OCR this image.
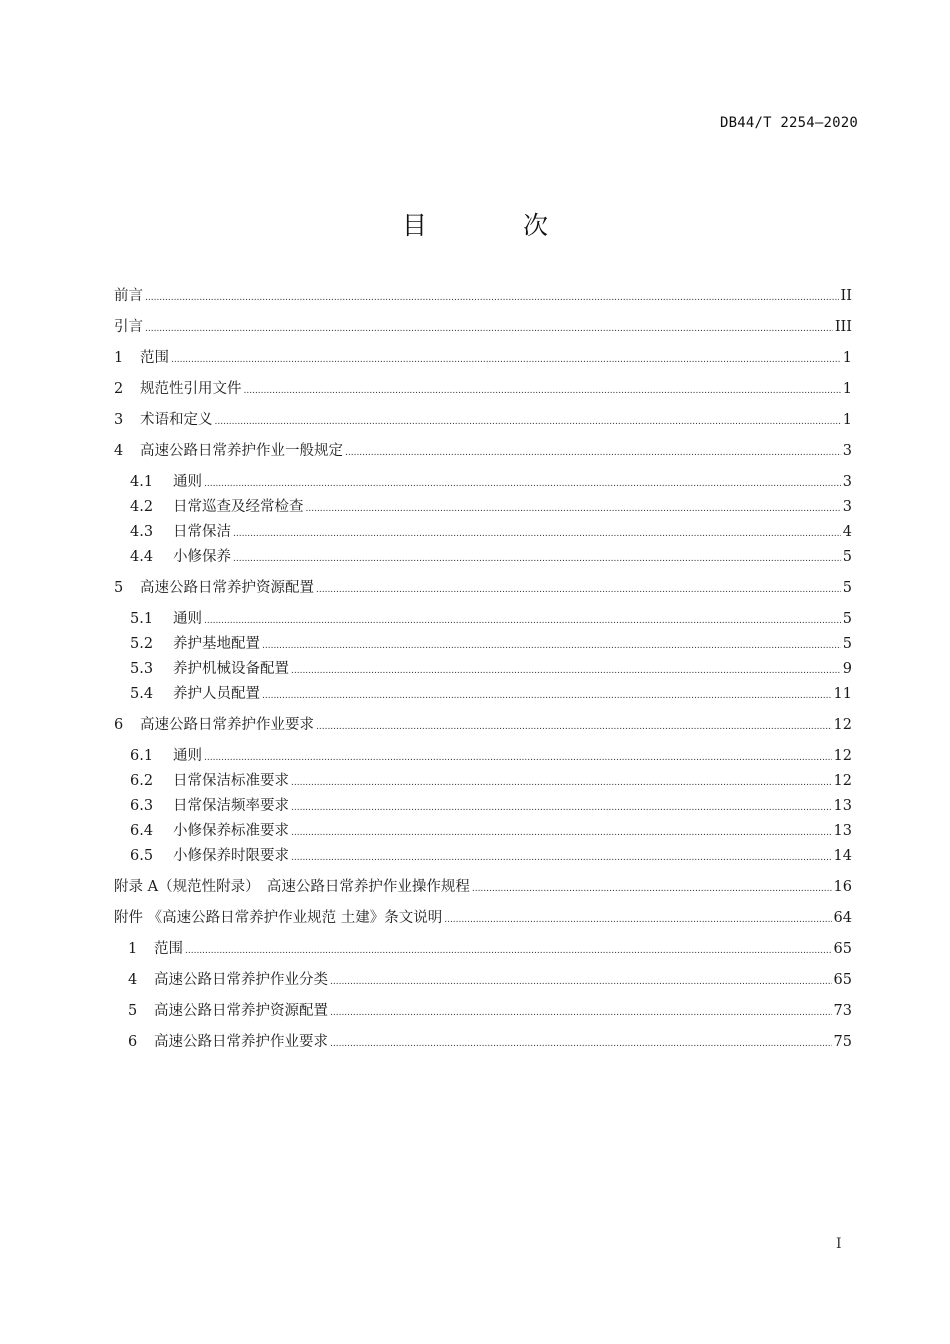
DB44/T 2254—2020
目 次
前言 .....	II
引言 .....	III
1	范围 .....	1
2	规范性引用文件 .....	1
3	术语和定义 .....	1
4	高速公路日常养护作业一般规定 .....	3
4.1	通则 .....	3
4.2	日常巡查及经常检查 .....	3
4.3	日常保洁 .....	4
4.4	小修保养 .....	5
5	高速公路日常养护资源配置 .....	5
5.1	通则 .....	5
5.2	养护基地配置 .....	5
5.3	养护机械设备配置 .....	9
5.4	养护人员配置 .....	11
6	高速公路日常养护作业要求 .....	12
6.1	通则 .....	12
6.2	日常保洁标准要求 .....	12
6.3	日常保洁频率要求 .....	13
6.4	小修保养标准要求 .....	13
6.5	小修保养时限要求 .....	14
附录 A（规范性附录）　高速公路日常养护作业操作规程 .....	16
附件 《高速公路日常养护作业规范 土建》条文说明 .....	64
1	范围 .....	65
4	高速公路日常养护作业分类 .....	65
5	高速公路日常养护资源配置 .....	73
6	高速公路日常养护作业要求 .....	75
I
